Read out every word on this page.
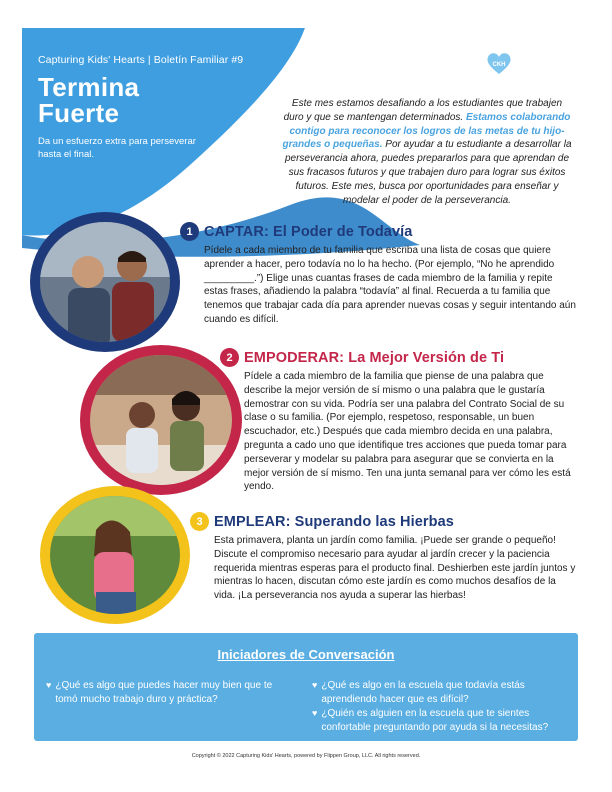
Capturing Kids' Hearts | Boletín Familiar #9
Termina Fuerte
Da un esfuerzo extra para perseverar hasta el final.
CKH
Capturing
Kids' Hearts
Este mes estamos desafiando a los estudiantes que trabajen duro y que se mantengan determinados. Estamos colaborando contigo para reconocer los logros de las metas de tu hijo-grandes o pequeñas. Por ayudar a tu estudiante a desarrollar la perseverancia ahora, puedes prepararlos para que aprendan de sus fracasos futuros y que trabajen duro para lograr sus éxitos futuros. Este mes, busca por oportunidades para enseñar y modelar el poder de la perseverancia.
1 CAPTAR: El Poder de Todavía
Pídele a cada miembro de tu familia que escriba una lista de cosas que quiere aprender a hacer, pero todavía no lo ha hecho. (Por ejemplo, “No he aprendido _________.”) Elige unas cuantas frases de cada miembro de la familia y repite estas frases, añadiendo la palabra “todavía” al final. Recuerda a tu familia que tenemos que trabajar cada día para aprender nuevas cosas y seguir intentando aún cuando es difícil.
2 EMPODERAR: La Mejor Versión de Ti
Pídele a cada miembro de la familia que piense de una palabra que describe la mejor versión de sí mismo o una palabra que le gustaría demostrar con su vida. Podría ser una palabra del Contrato Social de su clase o su familia. (Por ejemplo, respetoso, responsable, un buen escuchador, etc.) Después que cada miembro decida en una palabra, pregunta a cado uno que identifique tres acciones que pueda tomar para perseverar y modelar su palabra para asegurar que se convierta en la mejor versión de sí mismo. Ten una junta semanal para ver cómo les está yendo.
3 EMPLEAR: Superando las Hierbas
Esta primavera, planta un jardín como familia. ¡Puede ser grande o pequeño! Discute el compromiso necesario para ayudar al jardín crecer y la paciencia requerida mientras esperas para el producto final. Deshierben este jardín juntos y mientras lo hacen, discutan cómo este jardín es como muchos desafíos de la vida. ¡La perseverancia nos ayuda a superar las hierbas!
Iniciadores de Conversación
♥ ¿Qué es algo que puedes hacer muy bien que te tomó mucho trabajo duro y práctica?
♥ ¿Qué es algo en la escuela que todavía estás aprendiendo hacer que es difícil?
♥ ¿Quién es alguien en la escuela que te sientes confortable preguntando por ayuda si la necesitas?
Copyright © 2022 Capturing Kids' Hearts, powered by Flippen Group, LLC. All rights reserved.
